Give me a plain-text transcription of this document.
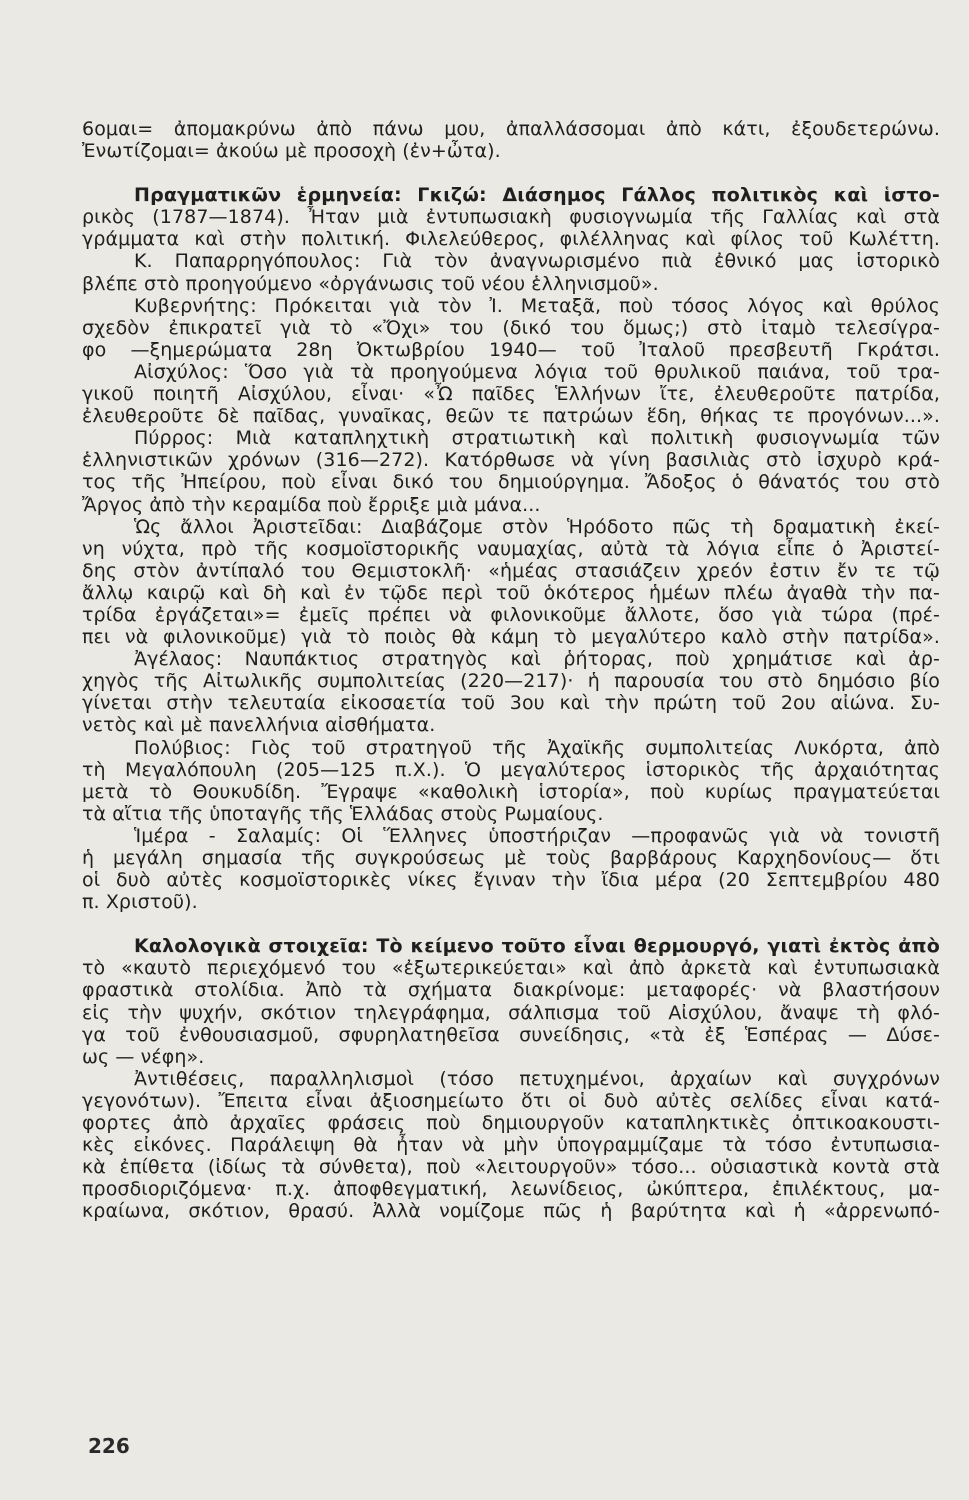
6ομαι= ἀπομακρύνω ἀπὸ πάνω μου, ἀπαλλάσσομαι ἀπὸ κάτι, ἐξουδετερώνω.
Ἐνωτίζομαι= ἀκούω μὲ προσοχὴ (ἐν+ὦτα).
Πραγματικῶν ἑρμηνεία: Γκιζώ: Διάσημος Γάλλος πολιτικὸς καὶ ἱστο-
ρικὸς (1787—1874). Ἦταν μιὰ ἐντυπωσιακὴ φυσιογνωμία τῆς Γαλλίας καὶ στὰ
γράμματα καὶ στὴν πολιτική. Φιλελεύθερος, φιλέλληνας καὶ φίλος τοῦ Κωλέττη.
Κ. Παπαρρηγόπουλος: Γιὰ τὸν ἀναγνωρισμένο πιὰ ἐθνικό μας ἱστορικὸ
βλέπε στὸ προηγούμενο «ὀργάνωσις τοῦ νέου ἑλληνισμοῦ».
Κυβερνήτης: Πρόκειται γιὰ τὸν Ἰ. Μεταξᾶ, ποὺ τόσος λόγος καὶ θρύλος
σχεδὸν ἐπικρατεῖ γιὰ τὸ «Ὄχι» του (δικό του ὅμως;) στὸ ἰταμὸ τελεσίγρα-
φο —ξημερώματα 28η Ὀκτωβρίου 1940— τοῦ Ἰταλοῦ πρεσβευτῆ Γκράτσι.
Αἰσχύλος: Ὅσο γιὰ τὰ προηγούμενα λόγια τοῦ θρυλικοῦ παιάνα, τοῦ τρα-
γικοῦ ποιητῆ Αἰσχύλου, εἶναι· «Ὦ παῖδες Ἑλλήνων ἴτε, ἐλευθεροῦτε πατρίδα,
ἐλευθεροῦτε δὲ παῖδας, γυναῖκας, θεῶν τε πατρώων ἕδη, θήκας τε προγόνων...».
Πύρρος: Μιὰ καταπληχτικὴ στρατιωτικὴ καὶ πολιτικὴ φυσιογνωμία τῶν
ἑλληνιστικῶν χρόνων (316—272). Κατόρθωσε νὰ γίνη βασιλιὰς στὸ ἰσχυρὸ κρά-
τος τῆς Ἠπείρου, ποὺ εἶναι δικό του δημιούργημα. Ἄδοξος ὁ θάνατός του στὸ
Ἄργος ἀπὸ τὴν κεραμίδα ποὺ ἔρριξε μιὰ μάνα...
Ὡς ἄλλοι Ἀριστεῖδαι: Διαβάζομε στὸν Ἡρόδοτο πῶς τὴ δραματικὴ ἐκεί-
νη νύχτα, πρὸ τῆς κοσμοϊστορικῆς ναυμαχίας, αὐτὰ τὰ λόγια εἶπε ὁ Ἀριστεί-
δης στὸν ἀντίπαλό του Θεμιστοκλῆ· «ἡμέας στασιάζειν χρεόν ἐστιν ἔν τε τῷ
ἄλλῳ καιρῷ καὶ δὴ καὶ ἐν τῷδε περὶ τοῦ ὁκότερος ἡμέων πλέω ἀγαθὰ τὴν πα-
τρίδα ἐργάζεται»= ἐμεῖς πρέπει νὰ φιλονικοῦμε ἄλλοτε, ὅσο γιὰ τώρα (πρέ-
πει νὰ φιλονικοῦμε) γιὰ τὸ ποιὸς θὰ κάμη τὸ μεγαλύτερο καλὸ στὴν πατρίδα».
Ἀγέλαος: Ναυπάκτιος στρατηγὸς καὶ ῥήτορας, ποὺ χρημάτισε καὶ ἀρ-
χηγὸς τῆς Αἰτωλικῆς συμπολιτείας (220—217)· ἡ παρουσία του στὸ δημόσιο βίο
γίνεται στὴν τελευταία εἰκοσαετία τοῦ 3ου καὶ τὴν πρώτη τοῦ 2ου αἰώνα. Συ-
νετὸς καὶ μὲ πανελλήνια αἰσθήματα.
Πολύβιος: Γιὸς τοῦ στρατηγοῦ τῆς Ἀχαϊκῆς συμπολιτείας Λυκόρτα, ἀπὸ
τὴ Μεγαλόπουλη (205—125 π.Χ.). Ὁ μεγαλύτερος ἱστορικὸς τῆς ἀρχαιότητας
μετὰ τὸ Θουκυδίδη. Ἔγραψε «καθολικὴ ἱστορία», ποὺ κυρίως πραγματεύεται
τὰ αἴτια τῆς ὑποταγῆς τῆς Ἑλλάδας στοὺς Ρωμαίους.
Ἱμέρα - Σαλαμίς: Οἱ Ἕλληνες ὑποστήριζαν —προφανῶς γιὰ νὰ τονιστῆ
ἡ μεγάλη σημασία τῆς συγκρούσεως μὲ τοὺς βαρβάρους Καρχηδονίους— ὅτι
οἱ δυὸ αὐτὲς κοσμοϊστορικὲς νίκες ἔγιναν τὴν ἴδια μέρα (20 Σεπτεμβρίου 480
π. Χριστοῦ).
Καλολογικὰ στοιχεῖα: Τὸ κείμενο τοῦτο εἶναι θερμουργό, γιατὶ ἐκτὸς ἀπὸ
τὸ «καυτὸ περιεχόμενό του «ἐξωτερικεύεται» καὶ ἀπὸ ἀρκετὰ καὶ ἐντυπωσιακὰ
φραστικὰ στολίδια. Ἀπὸ τὰ σχήματα διακρίνομε: μεταφορές· νὰ βλαστήσουν
εἰς τὴν ψυχήν, σκότιον τηλεγράφημα, σάλπισμα τοῦ Αἰσχύλου, ἄναψε τὴ φλό-
γα τοῦ ἐνθουσιασμοῦ, σφυρηλατηθεῖσα συνείδησις, «τὰ ἐξ Ἑσπέρας — Δύσε-
ως — νέφη».
Ἀντιθέσεις, παραλληλισμοὶ (τόσο πετυχημένοι, ἀρχαίων καὶ συγχρόνων
γεγονότων). Ἔπειτα εἶναι ἀξιοσημείωτο ὅτι οἱ δυὸ αὐτὲς σελίδες εἶναι κατά-
φορτες ἀπὸ ἀρχαῖες φράσεις ποὺ δημιουργοῦν καταπληκτικὲς ὀπτικοακουστι-
κὲς εἰκόνες. Παράλειψη θὰ ἦταν νὰ μὴν ὑπογραμμίζαμε τὰ τόσο ἐντυπωσια-
κὰ ἐπίθετα (ἰδίως τὰ σύνθετα), ποὺ «λειτουργοῦν» τόσο... οὐσιαστικὰ κοντὰ στὰ
προσδιοριζόμενα· π.χ. ἀποφθεγματική, λεωνίδειος, ὠκύπτερα, ἐπιλέκτους, μα-
κραίωνα, σκότιον, θρασύ. Ἀλλὰ νομίζομε πῶς ἡ βαρύτητα καὶ ἡ «ἀρρενωπό-
226
